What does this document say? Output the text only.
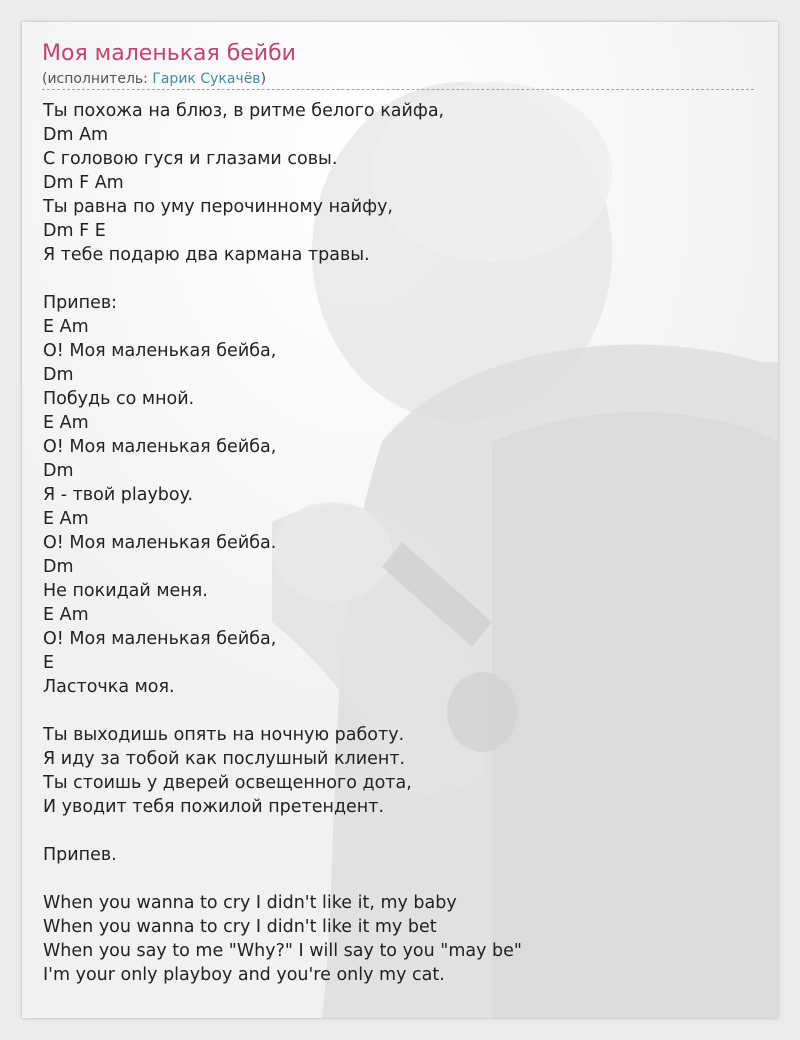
Моя маленькая бейби
(исполнитель: Гарик Сукачёв)
Ты похожа на блюз, в ритме белого кайфа,
Dm Am
С головою гуся и глазами совы.
Dm F Am
Ты равна по уму перочинному найфу,
Dm F E
Я тебе подарю два кармана травы.
Припев:
E Am
О! Моя маленькая бейба,
Dm
Побудь со мной.
E Am
О! Моя маленькая бейба,
Dm
Я - твой playboy.
E Am
О! Моя маленькая бейба.
Dm
Не покидай меня.
E Am
О! Моя маленькая бейба,
E
Ласточка моя.
Ты выходишь опять на ночную работу.
Я иду за тобой как послушный клиент.
Ты стоишь у дверей освещенного дота,
И уводит тебя пожилой претендент.
Припев.
When you wanna to cry I didn't like it, my baby
When you wanna to cry I didn't like it my bet
When you say to me "Why?" I will say to you "may be"
I'm your only playboy and you're only my cat.
